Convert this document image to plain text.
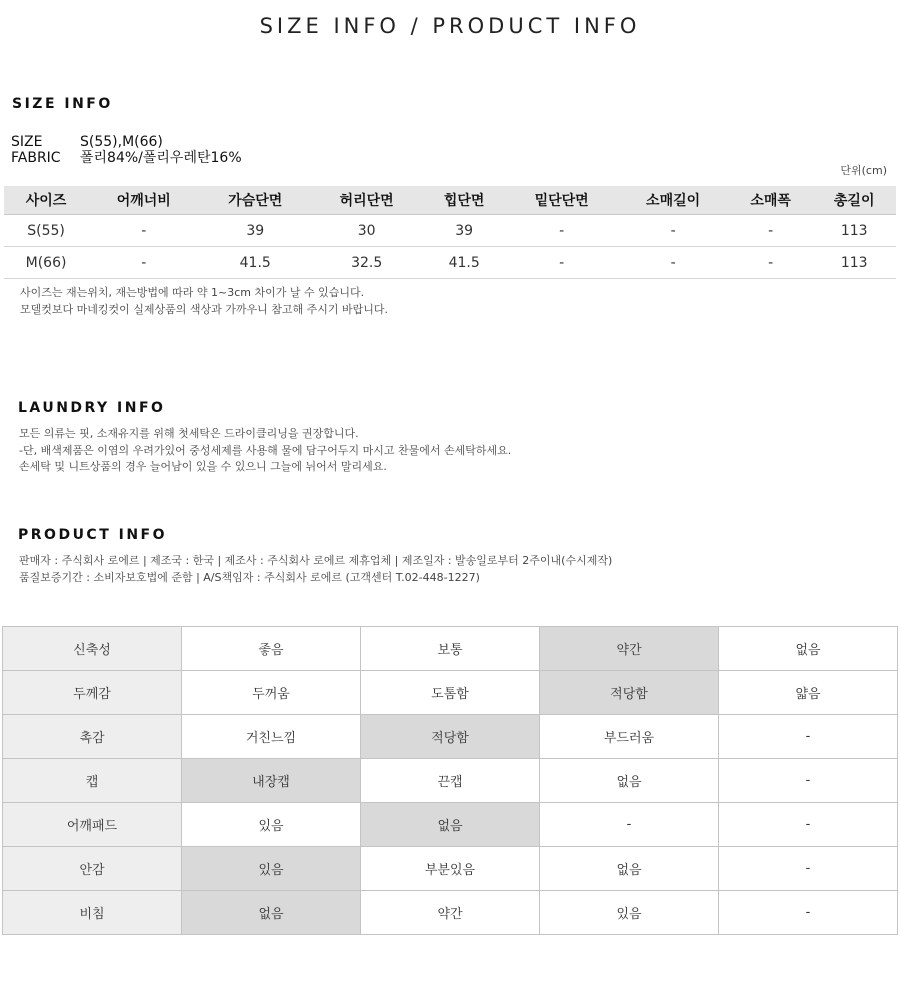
SIZE INFO / PRODUCT INFO
SIZE INFO
SIZE	S(55),M(66)
FABRIC	폴리84%/폴리우레탄16%
단위(cm)
사이즈	어깨너비	가슴단면	허리단면	힙단면	밑단단면	소매길이	소매폭	총길이
S(55)	-	39	30	39	-	-	-	113
M(66)	-	41.5	32.5	41.5	-	-	-	113
사이즈는 재는위치, 재는방법에 따라 약 1~3cm 차이가 날 수 있습니다.
모델컷보다 마네킹컷이 실제상품의 색상과 가까우니 참고해 주시기 바랍니다.
LAUNDRY INFO
모든 의류는 핏, 소재유지를 위해 첫세탁은 드라이클리닝을 권장합니다.
-단, 배색제품은 이염의 우려가있어 중성세제를 사용해 물에 담구어두지 마시고 찬물에서 손세탁하세요.
손세탁 및 니트상품의 경우 늘어남이 있을 수 있으니 그늘에 뉘어서 말리세요.
PRODUCT INFO
판매자 : 주식회사 로에르 | 제조국 : 한국 | 제조사 : 주식회사 로에르 제휴업체 | 제조일자 : 발송일로부터 2주이내(수시제작)
품질보증기간 : 소비자보호법에 준함 | A/S책임자 : 주식회사 로에르 (고객센터 T.02-448-1227)
신축성	좋음	보통	약간	없음
두께감	두꺼움	도톰함	적당함	얇음
촉감	거친느낌	적당함	부드러움	-
캡	내장캡	끈캡	없음	-
어깨패드	있음	없음	-	-
안감	있음	부분있음	없음	-
비침	없음	약간	있음	-
